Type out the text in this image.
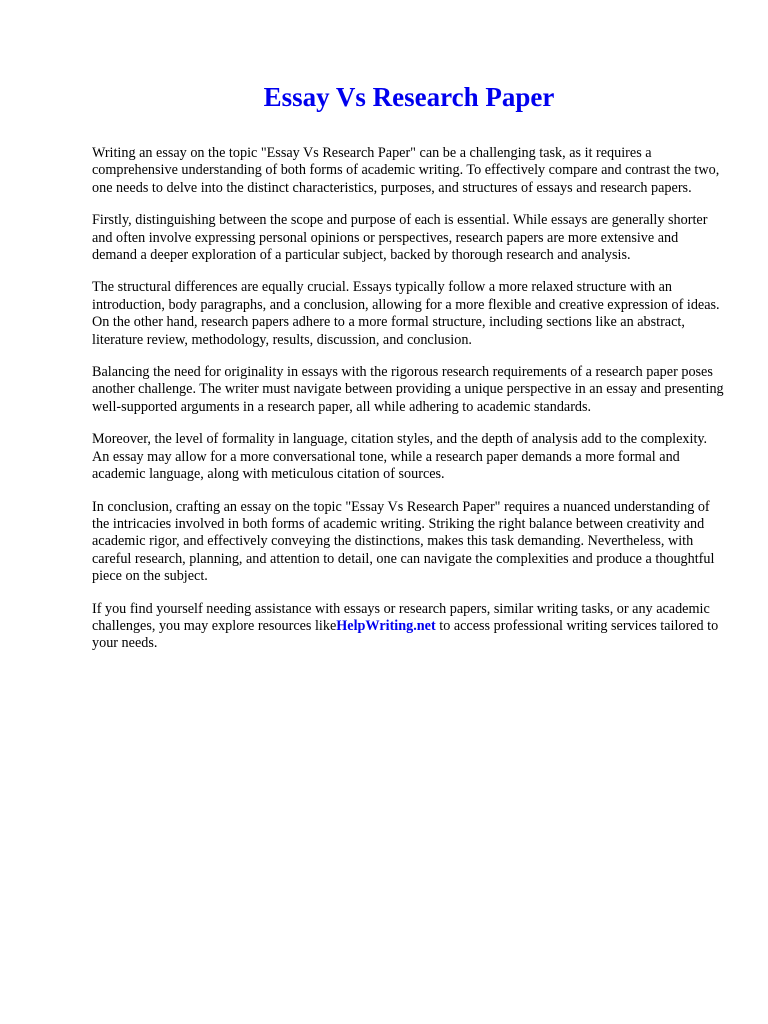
Essay Vs Research Paper

Writing an essay on the topic "Essay Vs Research Paper" can be a challenging task, as it requires a comprehensive understanding of both forms of academic writing. To effectively compare and contrast the two, one needs to delve into the distinct characteristics, purposes, and structures of essays and research papers.

Firstly, distinguishing between the scope and purpose of each is essential. While essays are generally shorter and often involve expressing personal opinions or perspectives, research papers are more extensive and demand a deeper exploration of a particular subject, backed by thorough research and analysis.

The structural differences are equally crucial. Essays typically follow a more relaxed structure with an introduction, body paragraphs, and a conclusion, allowing for a more flexible and creative expression of ideas. On the other hand, research papers adhere to a more formal structure, including sections like an abstract, literature review, methodology, results, discussion, and conclusion.

Balancing the need for originality in essays with the rigorous research requirements of a research paper poses another challenge. The writer must navigate between providing a unique perspective in an essay and presenting well-supported arguments in a research paper, all while adhering to academic standards.

Moreover, the level of formality in language, citation styles, and the depth of analysis add to the complexity. An essay may allow for a more conversational tone, while a research paper demands a more formal and academic language, along with meticulous citation of sources.

In conclusion, crafting an essay on the topic "Essay Vs Research Paper" requires a nuanced understanding of the intricacies involved in both forms of academic writing. Striking the right balance between creativity and academic rigor, and effectively conveying the distinctions, makes this task demanding. Nevertheless, with careful research, planning, and attention to detail, one can navigate the complexities and produce a thoughtful piece on the subject.

If you find yourself needing assistance with essays or research papers, similar writing tasks, or any academic challenges, you may explore resources likeHelpWriting.net to access professional writing services tailored to your needs.
